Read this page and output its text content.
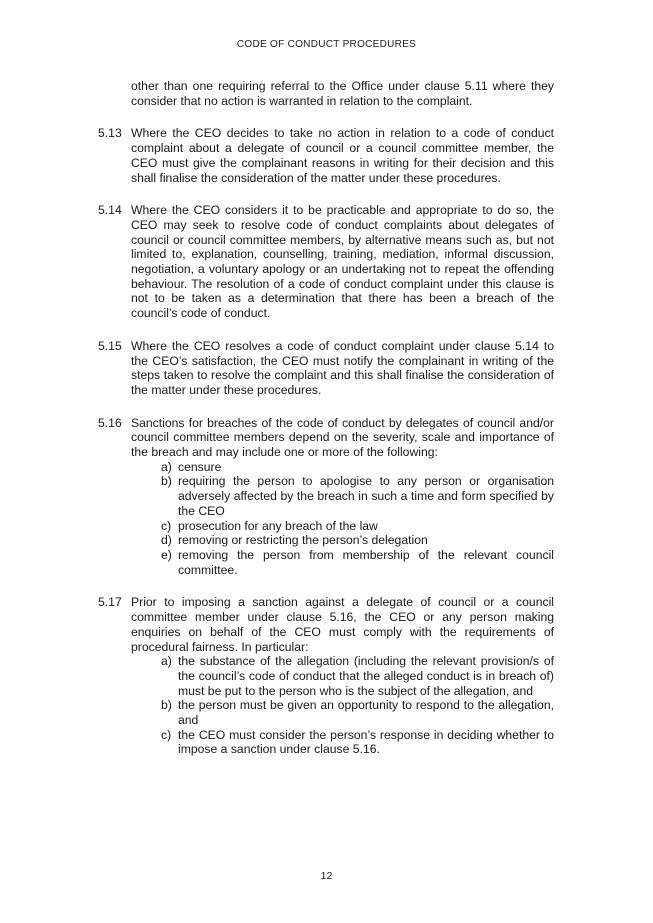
CODE OF CONDUCT PROCEDURES
other than one requiring referral to the Office under clause 5.11 where they consider that no action is warranted in relation to the complaint.
5.13 Where the CEO decides to take no action in relation to a code of conduct complaint about a delegate of council or a council committee member, the CEO must give the complainant reasons in writing for their decision and this shall finalise the consideration of the matter under these procedures.
5.14 Where the CEO considers it to be practicable and appropriate to do so, the CEO may seek to resolve code of conduct complaints about delegates of council or council committee members, by alternative means such as, but not limited to, explanation, counselling, training, mediation, informal discussion, negotiation, a voluntary apology or an undertaking not to repeat the offending behaviour. The resolution of a code of conduct complaint under this clause is not to be taken as a determination that there has been a breach of the council’s code of conduct.
5.15 Where the CEO resolves a code of conduct complaint under clause 5.14 to the CEO’s satisfaction, the CEO must notify the complainant in writing of the steps taken to resolve the complaint and this shall finalise the consideration of the matter under these procedures.
5.16 Sanctions for breaches of the code of conduct by delegates of council and/or council committee members depend on the severity, scale and importance of the breach and may include one or more of the following:
a) censure
b) requiring the person to apologise to any person or organisation adversely affected by the breach in such a time and form specified by the CEO
c) prosecution for any breach of the law
d) removing or restricting the person’s delegation
e) removing the person from membership of the relevant council committee.
5.17 Prior to imposing a sanction against a delegate of council or a council committee member under clause 5.16, the CEO or any person making enquiries on behalf of the CEO must comply with the requirements of procedural fairness. In particular:
a) the substance of the allegation (including the relevant provision/s of the council’s code of conduct that the alleged conduct is in breach of) must be put to the person who is the subject of the allegation, and
b) the person must be given an opportunity to respond to the allegation, and
c) the CEO must consider the person’s response in deciding whether to impose a sanction under clause 5.16.
12
